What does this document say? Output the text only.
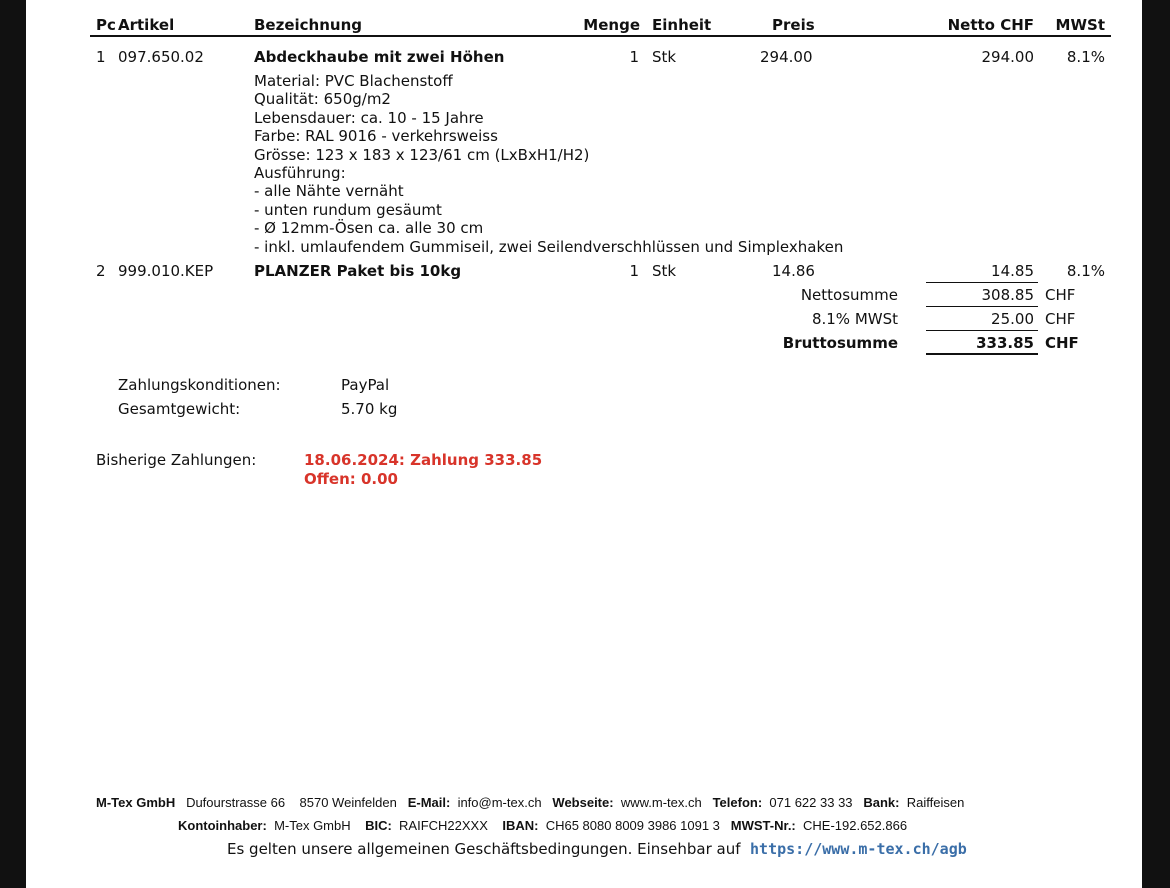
Pc Artikel	Bezeichnung	Menge Einheit	Preis	Netto CHF MWSt
1 097.650.02	Abdeckhaube mit zwei Höhen	1 Stk	294.00	294.00 8.1%
Material: PVC Blachenstoff
Qualität: 650g/m2
Lebensdauer: ca. 10 - 15 Jahre
Farbe: RAL 9016 - verkehrsweiss
Grösse: 123 x 183 x 123/61 cm (LxBxH1/H2)
Ausführung:
- alle Nähte vernäht
- unten rundum gesäumt
- Ø 12mm-Ösen ca. alle 30 cm
- inkl. umlaufendem Gummiseil, zwei Seilendverschhlüssen und Simplexhaken
2 999.010.KEP	PLANZER Paket bis 10kg	1 Stk	14.86	14.85 8.1%
Nettosumme	308.85 CHF
8.1% MWSt	25.00 CHF
Bruttosumme	333.85 CHF
Zahlungskonditionen:	PayPal
Gesamtgewicht:	5.70 kg
Bisherige Zahlungen:	18.06.2024: Zahlung 333.85
Offen: 0.00
M-Tex GmbH Dufourstrasse 66 8570 Weinfelden E-Mail: info@m-tex.ch Webseite: www.m-tex.ch Telefon: 071 622 33 33 Bank: Raiffeisen
Kontoinhaber: M-Tex GmbH BIC: RAIFCH22XXX IBAN: CH65 8080 8009 3986 1091 3 MWST-Nr.: CHE-192.652.866
Es gelten unsere allgemeinen Geschäftsbedingungen. Einsehbar auf https://www.m-tex.ch/agb
